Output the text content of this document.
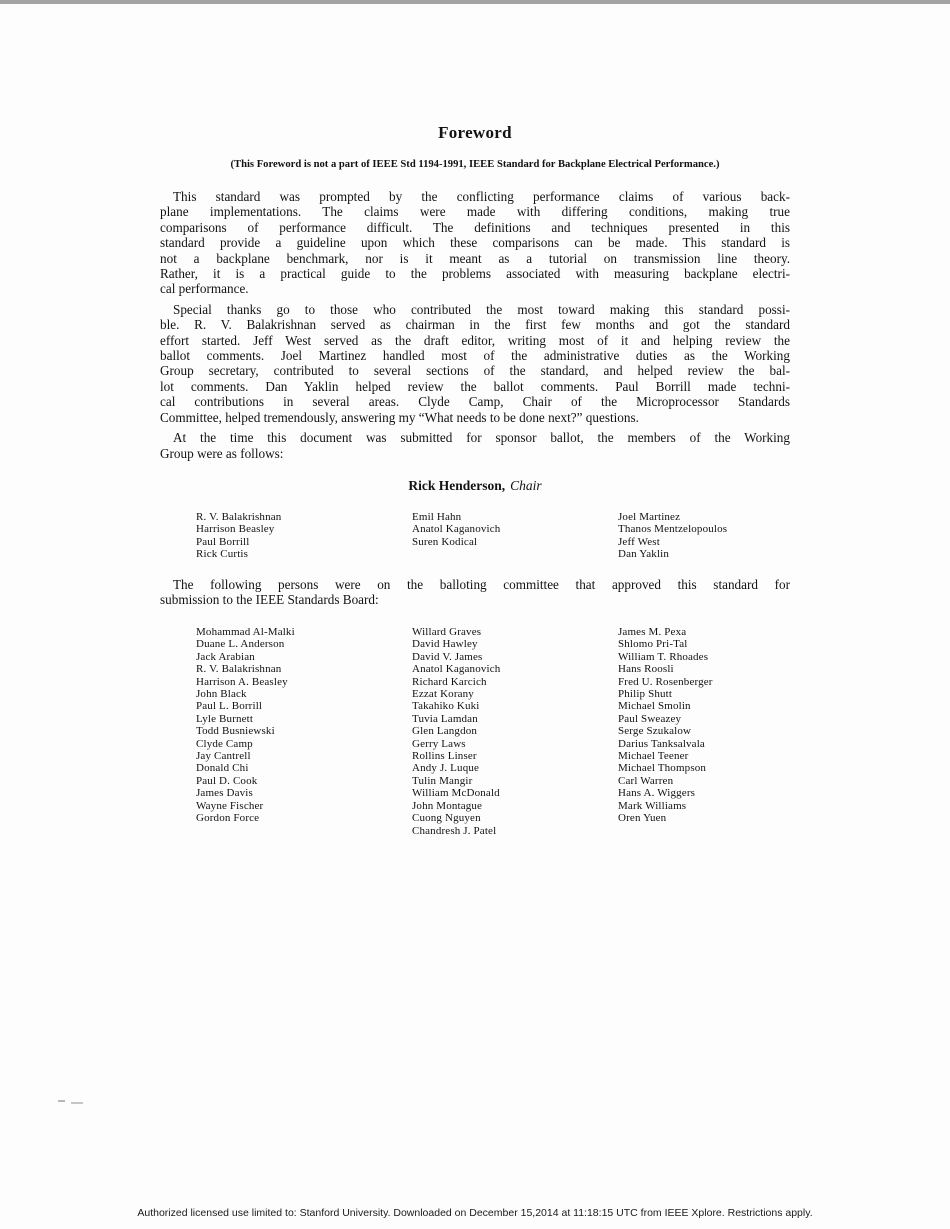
Foreword
(This Foreword is not a part of IEEE Std 1194-1991, IEEE Standard for Backplane Electrical Performance.)
This standard was prompted by the conflicting performance claims of various back-
plane implementations. The claims were made with differing conditions, making true
comparisons of performance difficult. The definitions and techniques presented in this
standard provide a guideline upon which these comparisons can be made. This standard is
not a backplane benchmark, nor is it meant as a tutorial on transmission line theory.
Rather, it is a practical guide to the problems associated with measuring backplane electri-
cal performance.
Special thanks go to those who contributed the most toward making this standard possi-
ble. R. V. Balakrishnan served as chairman in the first few months and got the standard
effort started. Jeff West served as the draft editor, writing most of it and helping review the
ballot comments. Joel Martinez handled most of the administrative duties as the Working
Group secretary, contributed to several sections of the standard, and helped review the bal-
lot comments. Dan Yaklin helped review the ballot comments. Paul Borrill made techni-
cal contributions in several areas. Clyde Camp, Chair of the Microprocessor Standards
Committee, helped tremendously, answering my “What needs to be done next?” questions.
At the time this document was submitted for sponsor ballot, the members of the Working
Group were as follows:
Rick Henderson, Chair
R. V. Balakrishnan
Harrison Beasley
Paul Borrill
Rick Curtis
Emil Hahn
Anatol Kaganovich
Suren Kodical
Joel Martinez
Thanos Mentzelopoulos
Jeff West
Dan Yaklin
The following persons were on the balloting committee that approved this standard for
submission to the IEEE Standards Board:
Mohammad Al-Malki
Duane L. Anderson
Jack Arabian
R. V. Balakrishnan
Harrison A. Beasley
John Black
Paul L. Borrill
Lyle Burnett
Todd Busniewski
Clyde Camp
Jay Cantrell
Donald Chi
Paul D. Cook
James Davis
Wayne Fischer
Gordon Force
Willard Graves
David Hawley
David V. James
Anatol Kaganovich
Richard Karcich
Ezzat Korany
Takahiko Kuki
Tuvia Lamdan
Glen Langdon
Gerry Laws
Rollins Linser
Andy J. Luque
Tulin Mangir
William McDonald
John Montague
Cuong Nguyen
Chandresh J. Patel
James M. Pexa
Shlomo Pri-Tal
William T. Rhoades
Hans Roosli
Fred U. Rosenberger
Philip Shutt
Michael Smolin
Paul Sweazey
Serge Szukalow
Darius Tanksalvala
Michael Teener
Michael Thompson
Carl Warren
Hans A. Wiggers
Mark Williams
Oren Yuen
Authorized licensed use limited to: Stanford University. Downloaded on December 15,2014 at 11:18:15 UTC from IEEE Xplore. Restrictions apply.
